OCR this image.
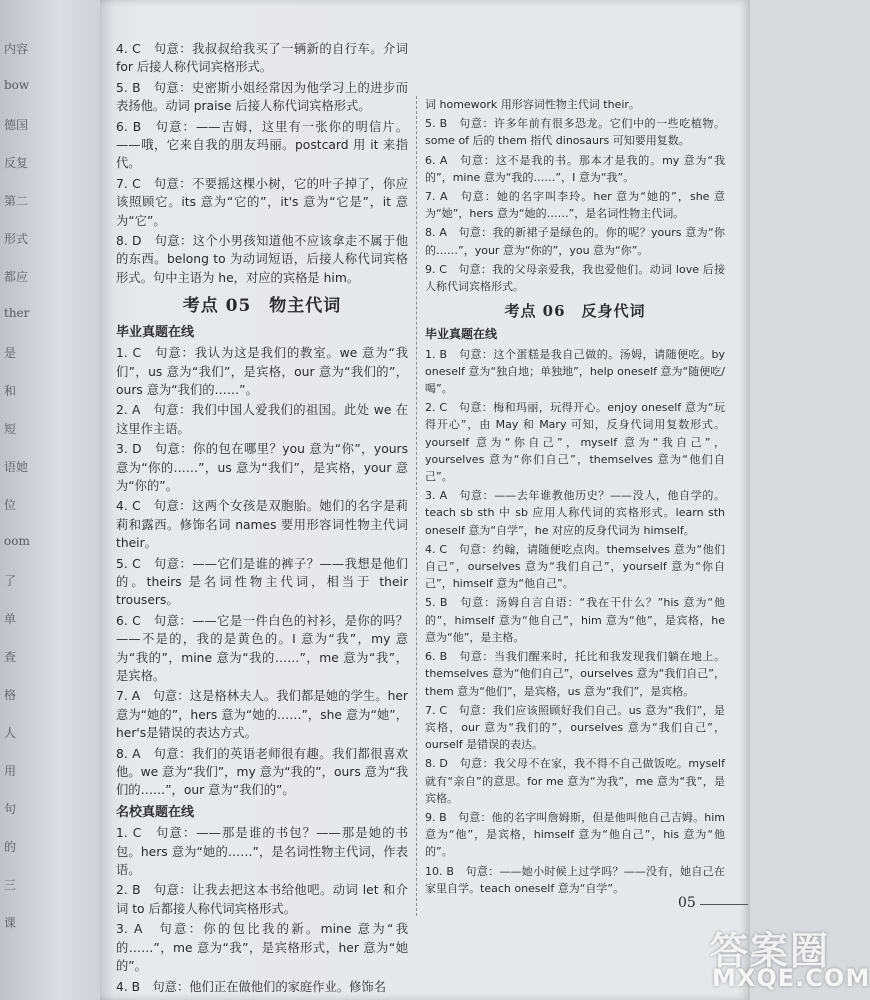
内容
bow
德国
反复
第二
形式
都应
ther
是
和
短
语她
位
oom
了
单
查
格
人
用
句
的
三
课
4. C　句意：我叔叔给我买了一辆新的自行车。介词 for 后接人称代词宾格形式。
5. B　句意：史密斯小姐经常因为他学习上的进步而表扬他。动词 praise 后接人称代词宾格形式。
6. B　句意：——吉姆，这里有一张你的明信片。——哦，它来自我的朋友玛丽。postcard 用 it 来指代。
7. C　句意：不要摇这棵小树，它的叶子掉了，你应该照顾它。its 意为“它的”，it's 意为“它是”，it 意为“它”。
8. D　句意：这个小男孩知道他不应该拿走不属于他的东西。belong to 为动词短语，后接人称代词宾格形式。句中主语为 he，对应的宾格是 him。
考点 05　物主代词
毕业真题在线
1. C　句意：我认为这是我们的教室。we 意为“我们”，us 意为“我们”，是宾格，our 意为“我们的”，ours 意为“我们的……”。
2. A　句意：我们中国人爱我们的祖国。此处 we 在这里作主语。
3. D　句意：你的包在哪里？you 意为“你”，yours 意为“你的……”，us 意为“我们”，是宾格，your 意为“你的”。
4. C　句意：这两个女孩是双胞胎。她们的名字是莉莉和露西。修饰名词 names 要用形容词性物主代词 their。
5. C　句意：——它们是谁的裤子？——我想是他们的。theirs 是名词性物主代词，相当于 their trousers。
6. C　句意：——它是一件白色的衬衫，是你的吗？——不是的，我的是黄色的。I 意为“我”，my 意为“我的”，mine 意为“我的……”，me 意为“我”，是宾格。
7. A　句意：这是格林夫人。我们都是她的学生。her 意为“她的”，hers 意为“她的……”，she 意为“她”，her's是错误的表达方式。
8. A　句意：我们的英语老师很有趣。我们都很喜欢他。we 意为“我们”，my 意为“我的”，ours 意为“我们的……”，our 意为“我们的”。
名校真题在线
1. C　句意：——那是谁的书包？——那是她的书包。hers 意为“她的……”，是名词性物主代词，作表语。
2. B　句意：让我去把这本书给他吧。动词 let 和介词 to 后都接人称代词宾格形式。
3. A　句意：你的包比我的新。mine 意为“我的……”，me 意为“我”，是宾格形式，her 意为“她的”。
4. B　句意：他们正在做他们的家庭作业。修饰名
词 homework 用形容词性物主代词 their。
5. B　句意：许多年前有很多恐龙。它们中的一些吃植物。some of 后的 them 指代 dinosaurs 可知要用复数。
6. A　句意：这不是我的书。那本才是我的。my 意为“我的”，mine 意为“我的……”，I 意为“我”。
7. A　句意：她的名字叫李玲。her 意为“她的”，she 意为“她”，hers 意为“她的……”，是名词性物主代词。
8. A　句意：我的新裙子是绿色的。你的呢？yours 意为“你的……”，your 意为“你的”，you 意为“你”。
9. C　句意：我的父母亲爱我，我也爱他们。动词 love 后接人称代词宾格形式。
考点 06　反身代词
毕业真题在线
1. B　句意：这个蛋糕是我自己做的。汤姆，请随便吃。by oneself 意为“独自地；单独地”，help oneself 意为“随便吃/喝”。
2. C　句意：梅和玛丽，玩得开心。enjoy oneself 意为“玩得开心”，由 May 和 Mary 可知，反身代词用复数形式。yourself 意为“你自己”，myself 意为“我自己”，yourselves 意为“你们自己”，themselves 意为“他们自己”。
3. A　句意：——去年谁教他历史？——没人，他自学的。teach sb sth 中 sb 应用人称代词的宾格形式。learn sth oneself 意为“自学”，he 对应的反身代词为 himself。
4. C　句意：约翰，请随便吃点肉。themselves 意为“他们自己”，ourselves 意为“我们自己”，yourself 意为“你自己”，himself 意为“他自己”。
5. B　句意：汤姆自言自语：“我在干什么？”his 意为“他的”，himself 意为“他自己”，him 意为“他”，是宾格，he 意为“他”，是主格。
6. B　句意：当我们醒来时，托比和我发现我们躺在地上。themselves 意为“他们自己”，ourselves 意为“我们自己”，them 意为“他们”，是宾格，us 意为“我们”，是宾格。
7. C　句意：我们应该照顾好我们自己。us 意为“我们”，是宾格，our 意为“我们的”，ourselves 意为“我们自己”，ourself 是错误的表达。
8. D　句意：我父母不在家，我不得不自己做饭吃。myself 就有“亲自”的意思。for me 意为“为我”，me 意为“我”，是宾格。
9. B　句意：他的名字叫詹姆斯，但是他叫他自己吉姆。him 意为“他”，是宾格，himself 意为“他自己”，his 意为“他的”。
10. B　句意：——她小时候上过学吗？——没有，她自己在家里自学。teach oneself 意为“自学”。
05
答案圈
MXQE.COM
